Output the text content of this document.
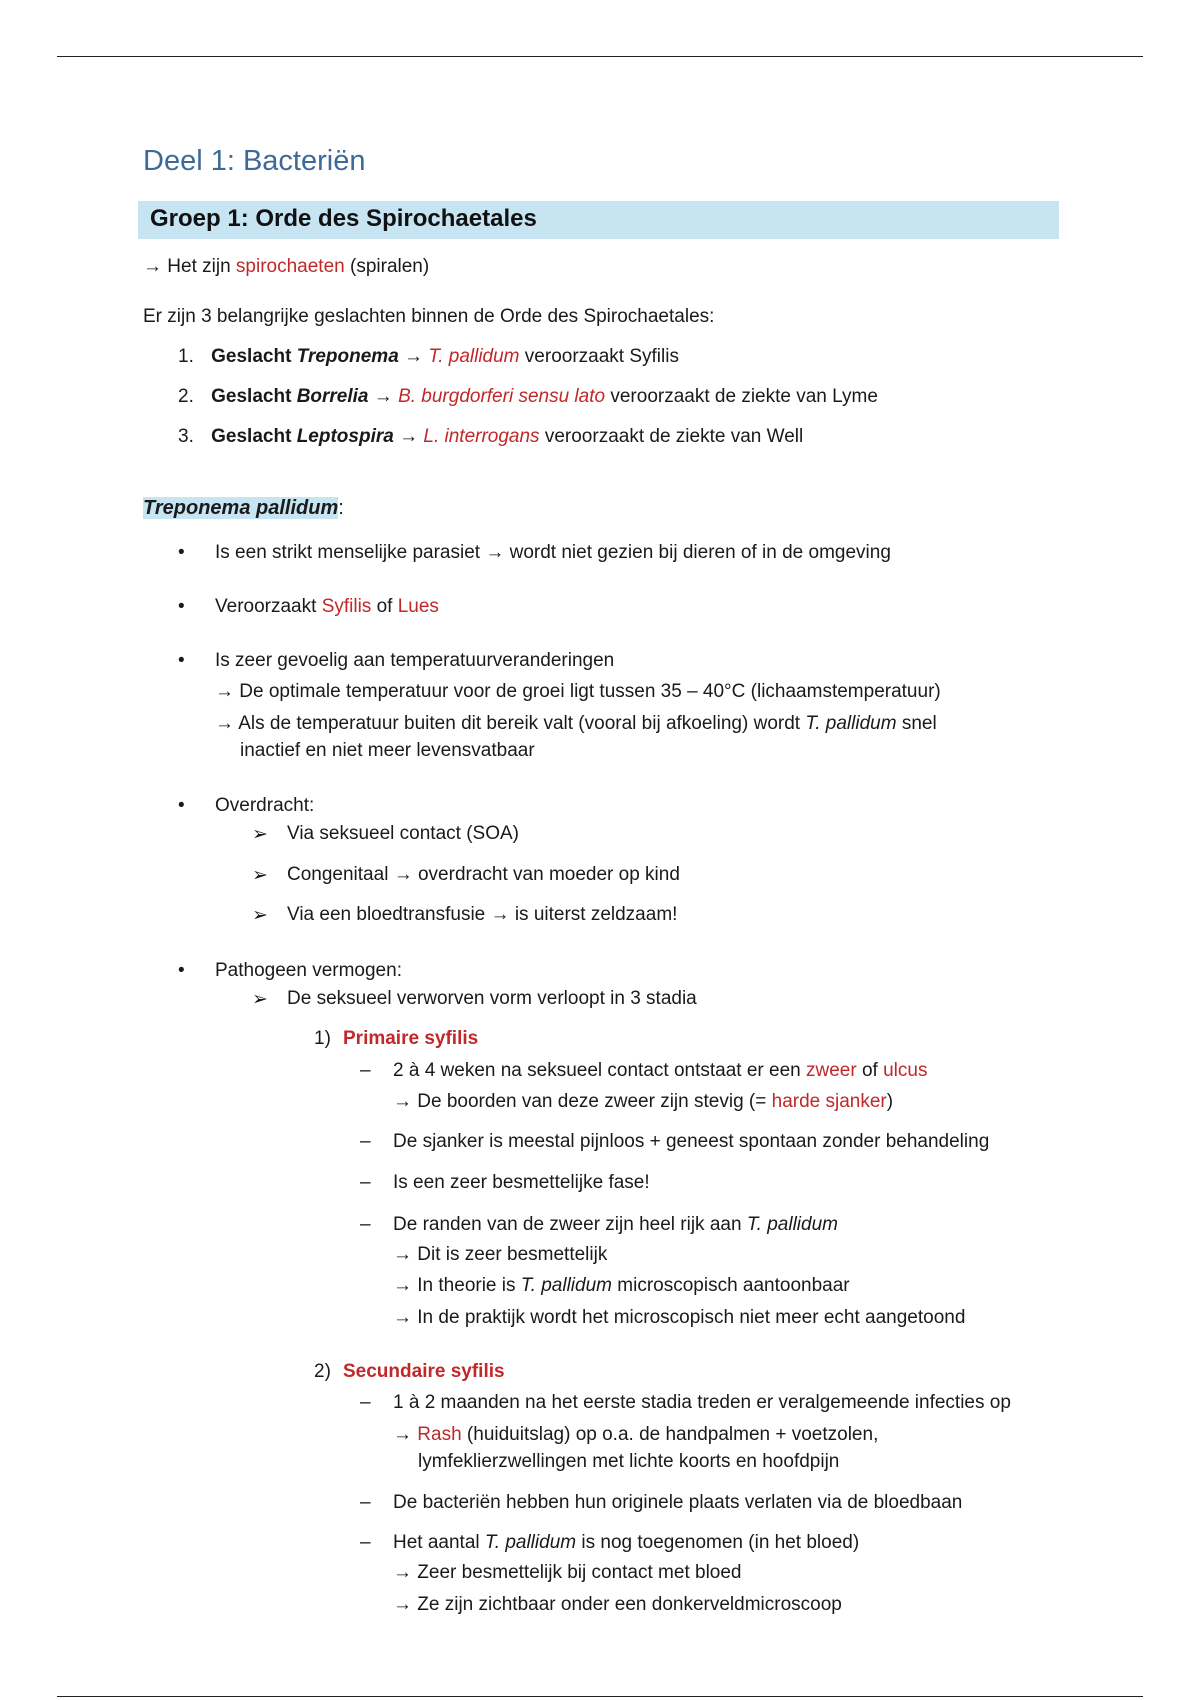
Deel 1: Bacteriën
Groep 1: Orde des Spirochaetales
→ Het zijn spirochaeten (spiralen)
Er zijn 3 belangrijke geslachten binnen de Orde des Spirochaetales:
1. Geslacht Treponema → T. pallidum veroorzaakt Syfilis
2. Geslacht Borrelia → B. burgdorferi sensu lato veroorzaakt de ziekte van Lyme
3. Geslacht Leptospira → L. interrogans veroorzaakt de ziekte van Well
Treponema pallidum:
• Is een strikt menselijke parasiet → wordt niet gezien bij dieren of in de omgeving
• Veroorzaakt Syfilis of Lues
• Is zeer gevoelig aan temperatuurveranderingen
→ De optimale temperatuur voor de groei ligt tussen 35 – 40°C (lichaamstemperatuur)
→ Als de temperatuur buiten dit bereik valt (vooral bij afkoeling) wordt T. pallidum snel
inactief en niet meer levensvatbaar
• Overdracht:
➢ Via seksueel contact (SOA)
➢ Congenitaal → overdracht van moeder op kind
➢ Via een bloedtransfusie → is uiterst zeldzaam!
• Pathogeen vermogen:
➢ De seksueel verworven vorm verloopt in 3 stadia
1) Primaire syfilis
– 2 à 4 weken na seksueel contact ontstaat er een zweer of ulcus
→ De boorden van deze zweer zijn stevig (= harde sjanker)
– De sjanker is meestal pijnloos + geneest spontaan zonder behandeling
– Is een zeer besmettelijke fase!
– De randen van de zweer zijn heel rijk aan T. pallidum
→ Dit is zeer besmettelijk
→ In theorie is T. pallidum microscopisch aantoonbaar
→ In de praktijk wordt het microscopisch niet meer echt aangetoond
2) Secundaire syfilis
– 1 à 2 maanden na het eerste stadia treden er veralgemeende infecties op
→ Rash (huiduitslag) op o.a. de handpalmen + voetzolen,
lymfeklierzwellingen met lichte koorts en hoofdpijn
– De bacteriën hebben hun originele plaats verlaten via de bloedbaan
– Het aantal T. pallidum is nog toegenomen (in het bloed)
→ Zeer besmettelijk bij contact met bloed
→ Ze zijn zichtbaar onder een donkerveldmicroscoop
